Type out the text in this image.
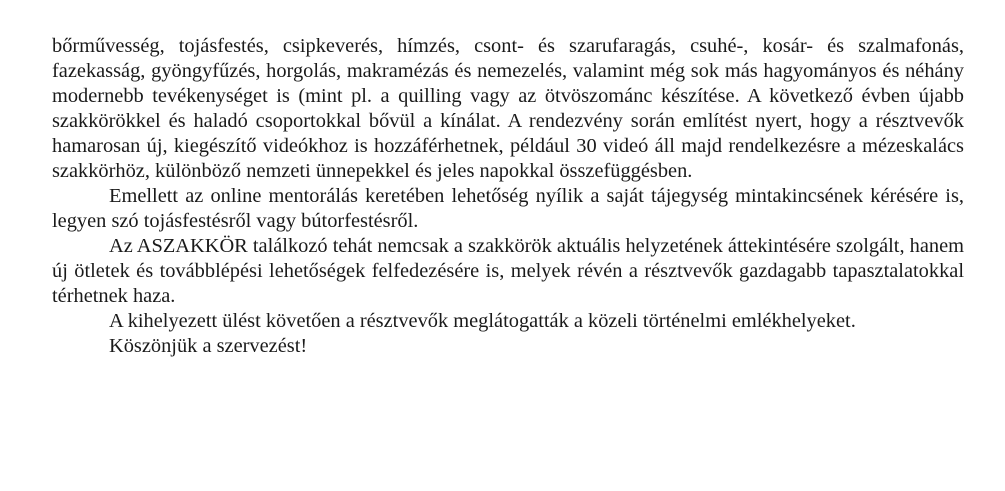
bőrművesség, tojásfestés, csipkeverés, hímzés, csont- és szarufaragás, csuhé-, kosár- és szalmafonás, fazekasság, gyöngyfűzés, horgolás, makramézás és nemezelés, valamint még sok más hagyományos és néhány modernebb tevékenységet is (mint pl. a quilling vagy az ötvöszománc készítése. A következő évben újabb szakkörökkel és haladó csoportokkal bővül a kínálat. A rendezvény során említést nyert, hogy a résztvevők hamarosan új, kiegészítő videókhoz is hozzáférhetnek, például 30 videó áll majd rendelkezésre a mézeskalács szakkörhöz, különböző nemzeti ünnepekkel és jeles napokkal összefüggésben.

Emellett az online mentorálás keretében lehetőség nyílik a saját tájegység mintakincsének kérésére is, legyen szó tojásfestésről vagy bútorfestésről.

Az ASZAKKÖR találkozó tehát nemcsak a szakkörök aktuális helyzetének áttekintésére szolgált, hanem új ötletek és továbblépési lehetőségek felfedezésére is, melyek révén a résztvevők gazdagabb tapasztalatokkal térhetnek haza.

A kihelyezett ülést követően a résztvevők meglátogatták a közeli történelmi emlékhelyeket.

Köszönjük a szervezést!
